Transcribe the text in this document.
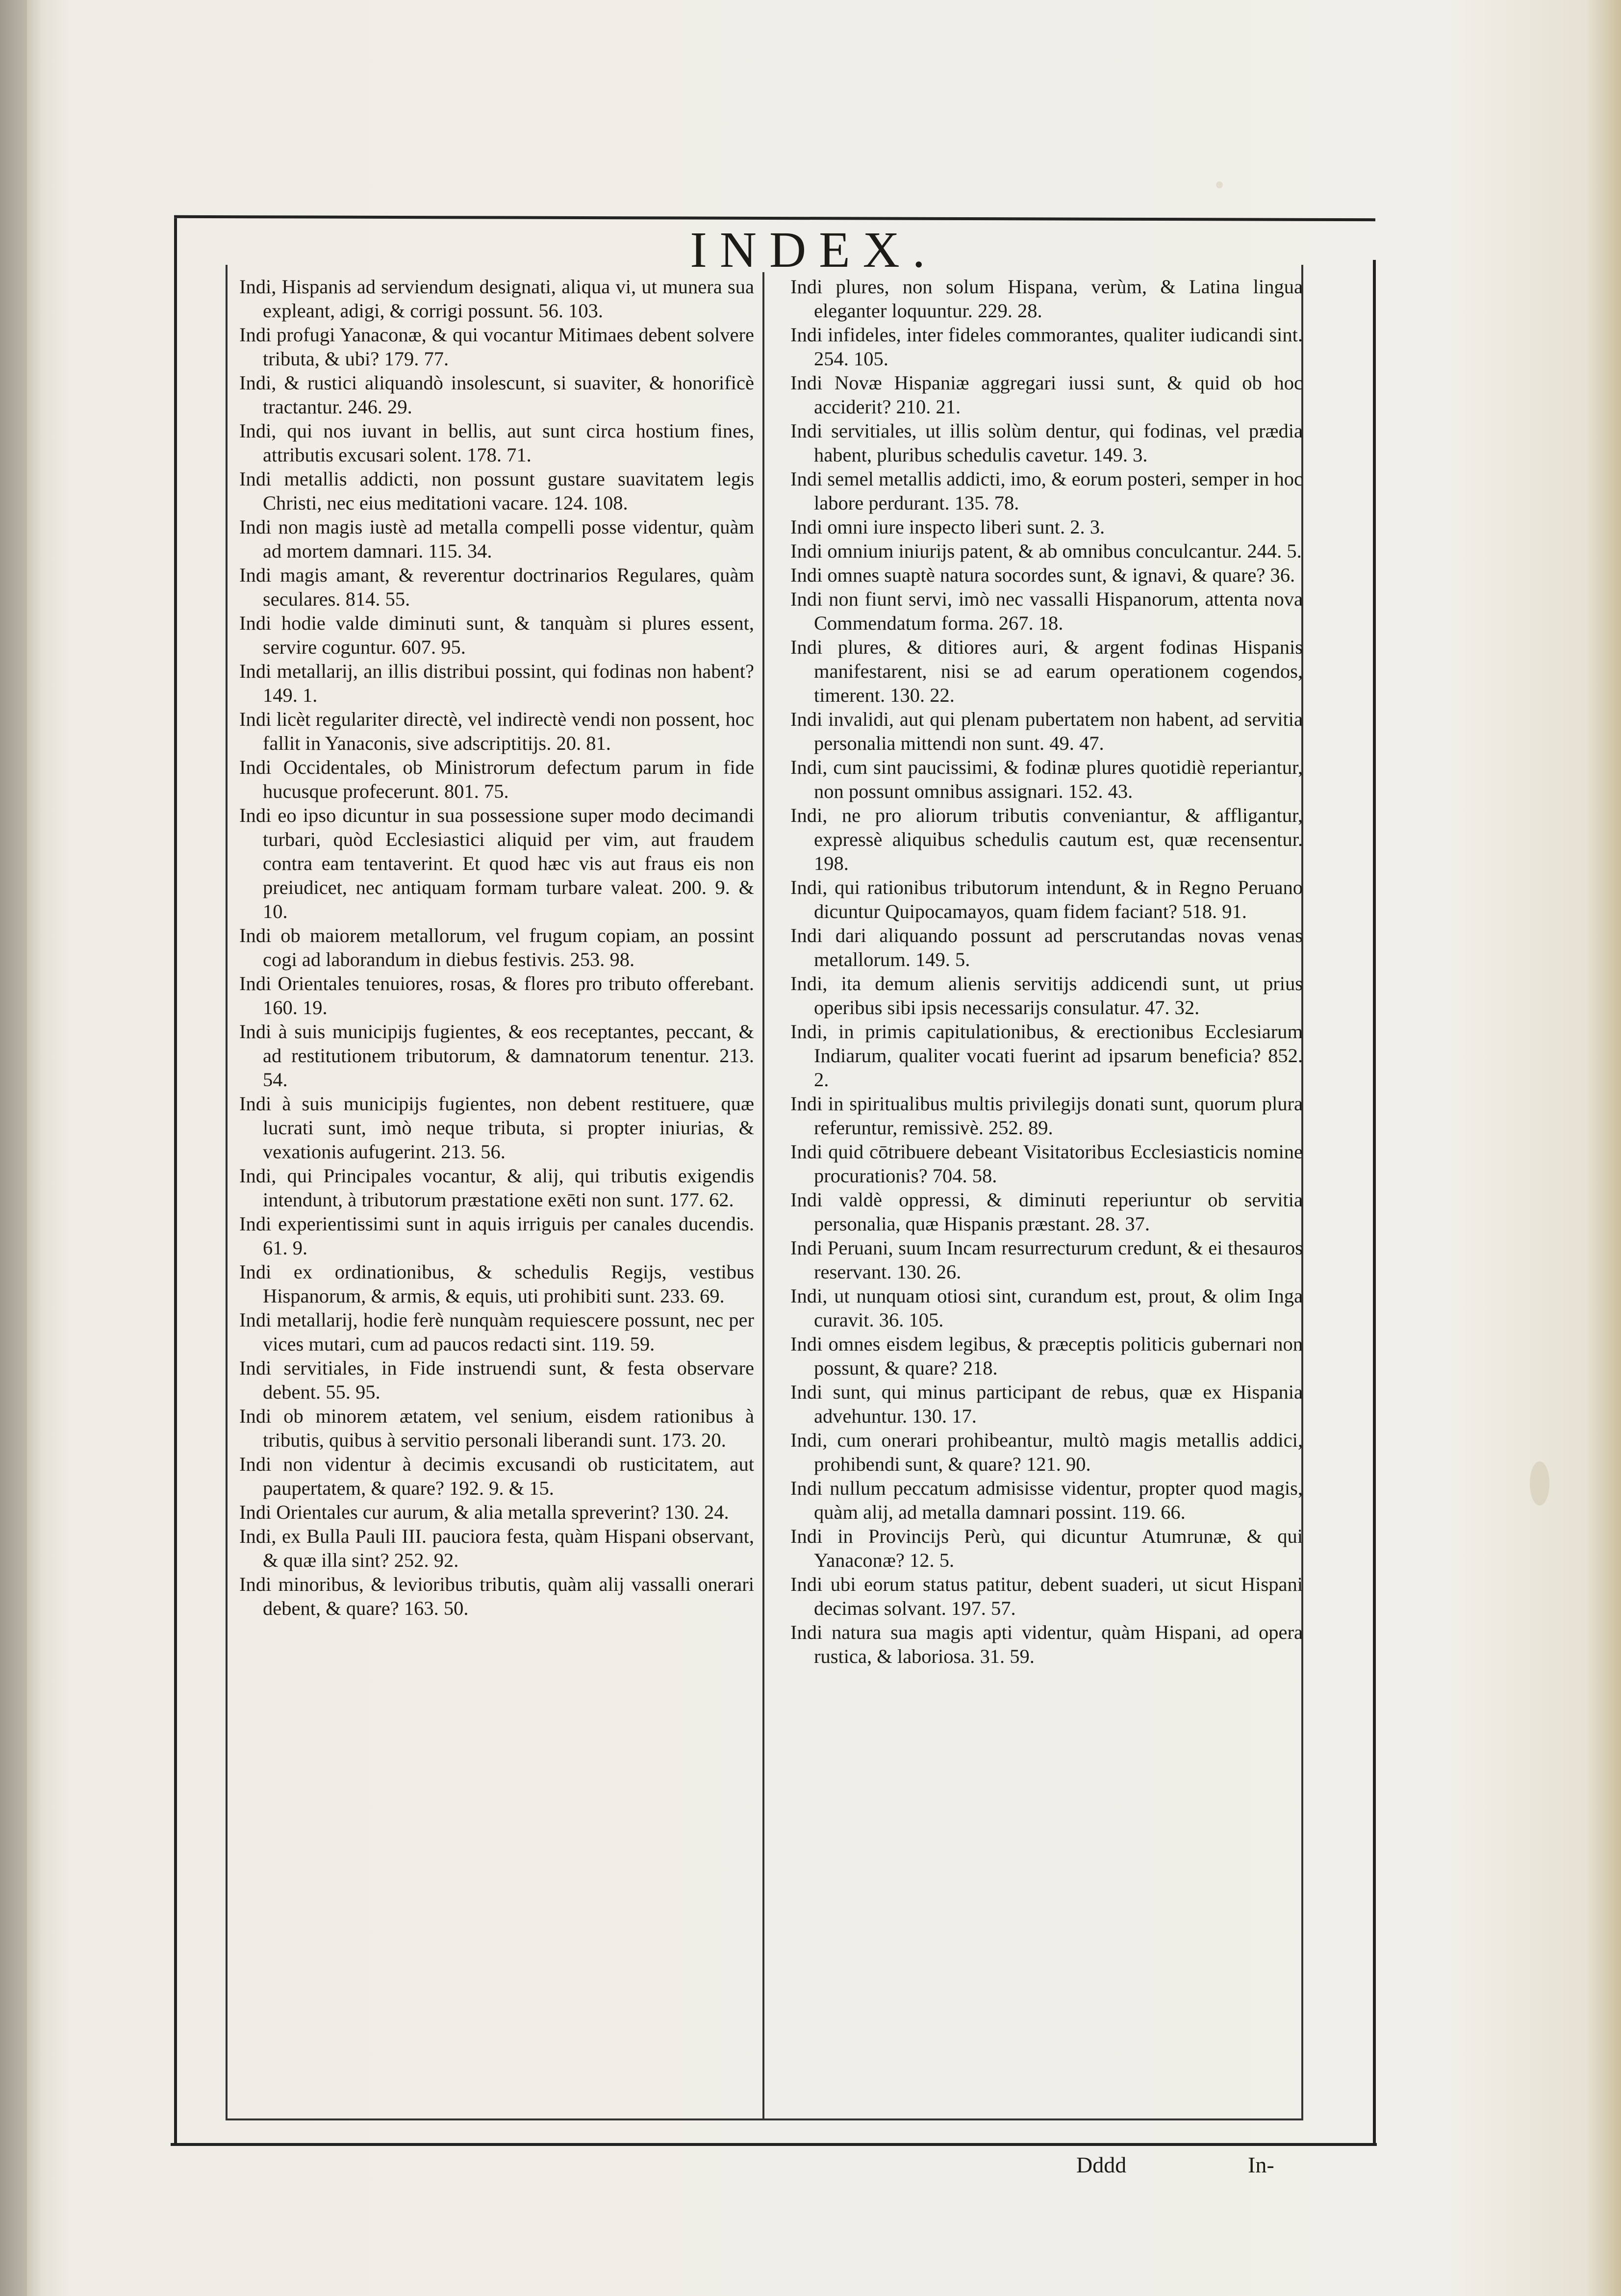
INDEX.

Indi, Hispanis ad serviendum designati, aliqua vi, ut munera sua expleant, adigi, & corrigi possunt. 56. 103.

Indi profugi Yanaconæ, & qui vocantur Mitimaes debent solvere tributa, & ubi? 179. 77.

Indi, & rustici aliquandò insolescunt, si suaviter, & honorificè tractantur. 246. 29.

Indi, qui nos iuvant in bellis, aut sunt circa hostium fines, attributis excusari solent. 178. 71.

Indi metallis addicti, non possunt gustare suavitatem legis Christi, nec eius meditationi vacare. 124. 108.

Indi non magis iustè ad metalla compelli posse videntur, quàm ad mortem damnari. 115. 34.

Indi magis amant, & reverentur doctrinarios Regulares, quàm seculares. 814. 55.

Indi hodie valde diminuti sunt, & tanquàm si plures essent, servire coguntur. 607. 95.

Indi metallarij, an illis distribui possint, qui fodinas non habent? 149. 1.

Indi licèt regulariter directè, vel indirectè vendi non possent, hoc fallit in Yanaconis, sive adscriptitijs. 20. 81.

Indi Occidentales, ob Ministrorum defectum parum in fide hucusque profecerunt. 801. 75.

Indi eo ipso dicuntur in sua possessione super modo decimandi turbari, quòd Ecclesiastici aliquid per vim, aut fraudem contra eam tentaverint. Et quod hæc vis aut fraus eis non preiudicet, nec antiquam formam turbare valeat. 200. 9. & 10.

Indi ob maiorem metallorum, vel frugum copiam, an possint cogi ad laborandum in diebus festivis. 253. 98.

Indi Orientales tenuiores, rosas, & flores pro tributo offerebant. 160. 19.

Indi à suis municipijs fugientes, & eos receptantes, peccant, & ad restitutionem tributorum, & damnatorum tenentur. 213. 54.

Indi à suis municipijs fugientes, non debent restituere, quæ lucrati sunt, imò neque tributa, si propter iniurias, & vexationis aufugerint. 213. 56.

Indi, qui Principales vocantur, & alij, qui tributis exigendis intendunt, à tributorum præstatione exēti non sunt. 177. 62.

Indi experientissimi sunt in aquis irriguis per canales ducendis. 61. 9.

Indi ex ordinationibus, & schedulis Regijs, vestibus Hispanorum, & armis, & equis, uti prohibiti sunt. 233. 69.

Indi metallarij, hodie ferè nunquàm requiescere possunt, nec per vices mutari, cum ad paucos redacti sint. 119. 59.

Indi servitiales, in Fide instruendi sunt, & festa observare debent. 55. 95.

Indi ob minorem ætatem, vel senium, eisdem rationibus à tributis, quibus à servitio personali liberandi sunt. 173. 20.

Indi non videntur à decimis excusandi ob rusticitatem, aut paupertatem, & quare? 192. 9. & 15.

Indi Orientales cur aurum, & alia metalla spreverint? 130. 24.

Indi, ex Bulla Pauli III. pauciora festa, quàm Hispani observant, & quæ illa sint? 252. 92.

Indi minoribus, & levioribus tributis, quàm alij vassalli onerari debent, & quare? 163. 50.

Indi plures, non solum Hispana, verùm, & Latina lingua eleganter loquuntur. 229. 28.

Indi infideles, inter fideles commorantes, qualiter iudicandi sint. 254. 105.

Indi Novæ Hispaniæ aggregari iussi sunt, & quid ob hoc acciderit? 210. 21.

Indi servitiales, ut illis solùm dentur, qui fodinas, vel prædia habent, pluribus schedulis cavetur. 149. 3.

Indi semel metallis addicti, imo, & eorum posteri, semper in hoc labore perdurant. 135. 78.

Indi omni iure inspecto liberi sunt. 2. 3.

Indi omnium iniurijs patent, & ab omnibus conculcantur. 244. 5.

Indi omnes suaptè natura socordes sunt, & ignavi, & quare? 36.

Indi non fiunt servi, imò nec vassalli Hispanorum, attenta nova Commendatum forma. 267. 18.

Indi plures, & ditiores auri, & argent fodinas Hispanis manifestarent, nisi se ad earum operationem cogendos, timerent. 130. 22.

Indi invalidi, aut qui plenam pubertatem non habent, ad servitia personalia mittendi non sunt. 49. 47.

Indi, cum sint paucissimi, & fodinæ plures quotidiè reperiantur, non possunt omnibus assignari. 152. 43.

Indi, ne pro aliorum tributis conveniantur, & affligantur, expressè aliquibus schedulis cautum est, quæ recensentur. 198.

Indi, qui rationibus tributorum intendunt, & in Regno Peruano dicuntur Quipocamayos, quam fidem faciant? 518. 91.

Indi dari aliquando possunt ad perscrutandas novas venas metallorum. 149. 5.

Indi, ita demum alienis servitijs addicendi sunt, ut prius operibus sibi ipsis necessarijs consulatur. 47. 32.

Indi, in primis capitulationibus, & erectionibus Ecclesiarum Indiarum, qualiter vocati fuerint ad ipsarum beneficia? 852. 2.

Indi in spiritualibus multis privilegijs donati sunt, quorum plura referuntur, remissivè. 252. 89.

Indi quid cōtribuere debeant Visitatoribus Ecclesiasticis nomine procurationis? 704. 58.

Indi valdè oppressi, & diminuti reperiuntur ob servitia personalia, quæ Hispanis præstant. 28. 37.

Indi Peruani, suum Incam resurrecturum credunt, & ei thesauros reservant. 130. 26.

Indi, ut nunquam otiosi sint, curandum est, prout, & olim Inga curavit. 36. 105.

Indi omnes eisdem legibus, & præceptis politicis gubernari non possunt, & quare? 218.

Indi sunt, qui minus participant de rebus, quæ ex Hispania advehuntur. 130. 17.

Indi, cum onerari prohibeantur, multò magis metallis addici, prohibendi sunt, & quare? 121. 90.

Indi nullum peccatum admisisse videntur, propter quod magis, quàm alij, ad metalla damnari possint. 119. 66.

Indi in Provincijs Perù, qui dicuntur Atumrunæ, & qui Yanaconæ? 12. 5.

Indi ubi eorum status patitur, debent suaderi, ut sicut Hispani decimas solvant. 197. 57.

Indi natura sua magis apti videntur, quàm Hispani, ad opera rustica, & laboriosa. 31. 59.

Dddd	In-
